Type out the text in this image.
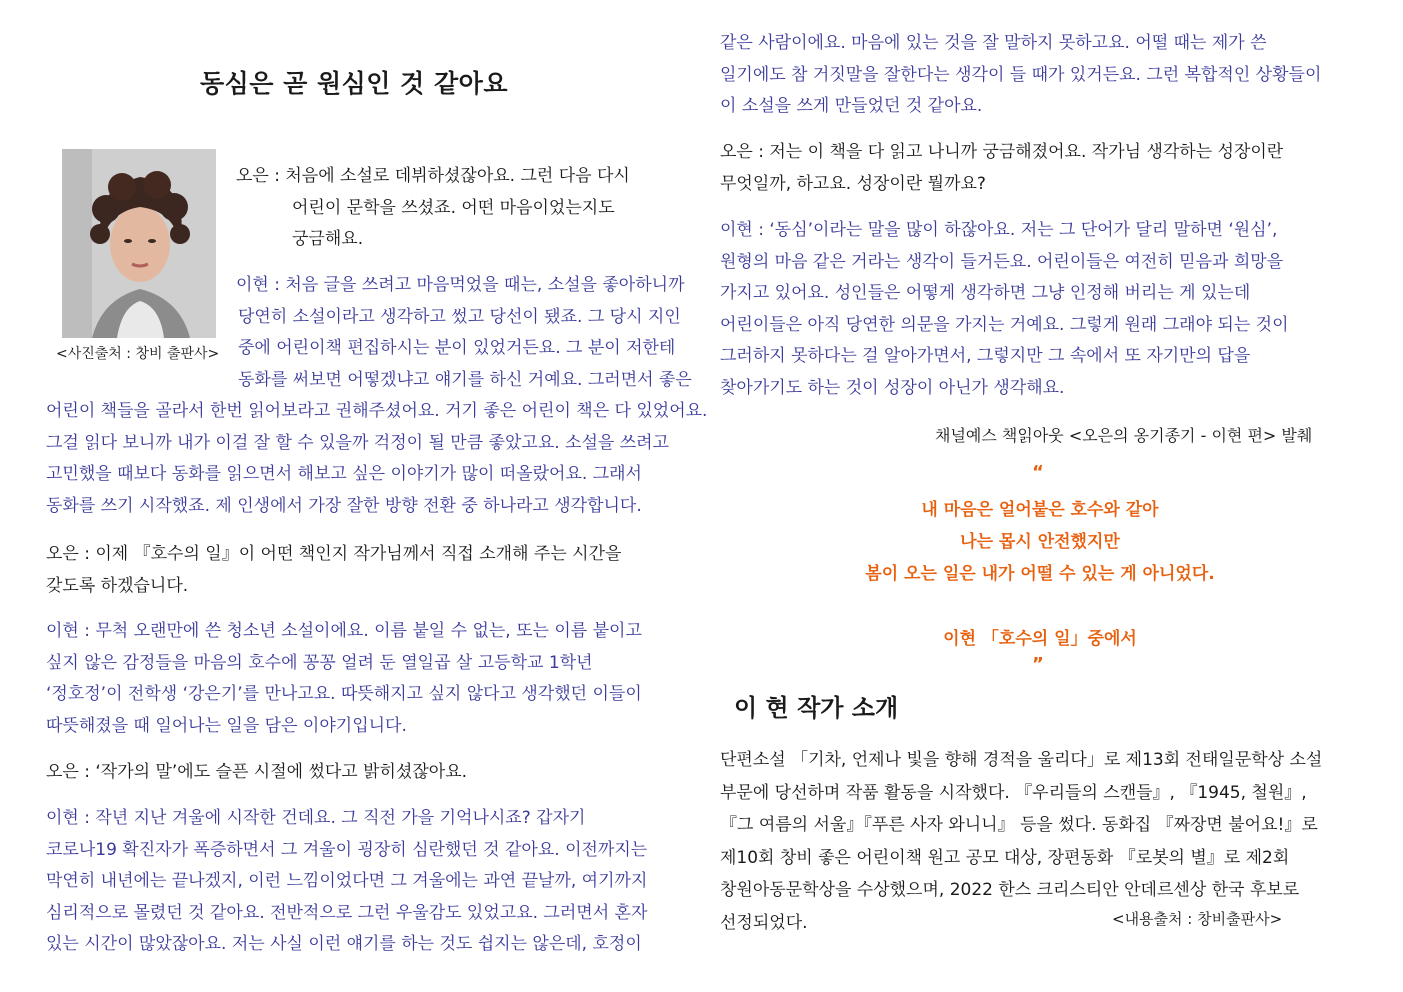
동심은 곧 원심인 것 같아요
<사진출처 : 창비 출판사>
오은 : 처음에 소설로 데뷔하셨잖아요. 그런 다음 다시
어린이 문학을 쓰셨죠. 어떤 마음이었는지도
궁금해요.
이현 : 처음 글을 쓰려고 마음먹었을 때는, 소설을 좋아하니까
당연히 소설이라고 생각하고 썼고 당선이 됐죠. 그 당시 지인
중에 어린이책 편집하시는 분이 있었거든요. 그 분이 저한테
동화를 써보면 어떻겠냐고 얘기를 하신 거예요. 그러면서 좋은
어린이 책들을 골라서 한번 읽어보라고 권해주셨어요. 거기 좋은 어린이 책은 다 있었어요.
그걸 읽다 보니까 내가 이걸 잘 할 수 있을까 걱정이 될 만큼 좋았고요. 소설을 쓰려고
고민했을 때보다 동화를 읽으면서 해보고 싶은 이야기가 많이 떠올랐어요. 그래서
동화를 쓰기 시작했죠. 제 인생에서 가장 잘한 방향 전환 중 하나라고 생각합니다.
오은 : 이제 『호수의 일』이 어떤 책인지 작가님께서 직접 소개해 주는 시간을
갖도록 하겠습니다.
이현 : 무척 오랜만에 쓴 청소년 소설이에요. 이름 붙일 수 없는, 또는 이름 붙이고
싶지 않은 감정들을 마음의 호수에 꽁꽁 얼려 둔 열일곱 살 고등학교 1학년
‘정호정’이 전학생 ‘강은기’를 만나고요. 따뜻해지고 싶지 않다고 생각했던 이들이
따뜻해졌을 때 일어나는 일을 담은 이야기입니다.
오은 : ‘작가의 말’에도 슬픈 시절에 썼다고 밝히셨잖아요.
이현 : 작년 지난 겨울에 시작한 건데요. 그 직전 가을 기억나시죠? 갑자기
코로나19 확진자가 폭증하면서 그 겨울이 굉장히 심란했던 것 같아요. 이전까지는
막연히 내년에는 끝나겠지, 이런 느낌이었다면 그 겨울에는 과연 끝날까, 여기까지
심리적으로 몰렸던 것 같아요. 전반적으로 그런 우울감도 있었고요. 그러면서 혼자
있는 시간이 많았잖아요. 저는 사실 이런 얘기를 하는 것도 쉽지는 않은데, 호정이
같은 사람이에요. 마음에 있는 것을 잘 말하지 못하고요. 어떨 때는 제가 쓴
일기에도 참 거짓말을 잘한다는 생각이 들 때가 있거든요. 그런 복합적인 상황들이
이 소설을 쓰게 만들었던 것 같아요.
오은 : 저는 이 책을 다 읽고 나니까 궁금해졌어요. 작가님 생각하는 성장이란
무엇일까, 하고요. 성장이란 뭘까요?
이현 : ‘동심’이라는 말을 많이 하잖아요. 저는 그 단어가 달리 말하면 ‘원심’,
원형의 마음 같은 거라는 생각이 들거든요. 어린이들은 여전히 믿음과 희망을
가지고 있어요. 성인들은 어떻게 생각하면 그냥 인정해 버리는 게 있는데
어린이들은 아직 당연한 의문을 가지는 거예요. 그렇게 원래 그래야 되는 것이
그러하지 못하다는 걸 알아가면서, 그렇지만 그 속에서 또 자기만의 답을
찾아가기도 하는 것이 성장이 아닌가 생각해요.
채널예스 책읽아웃 <오은의 옹기종기 - 이현 편> 발췌
“
내 마음은 얼어붙은 호수와 같아
나는 몹시 안전했지만
봄이 오는 일은 내가 어떨 수 있는 게 아니었다.
이현 「호수의 일」중에서
”
이 현 작가 소개
단편소설 「기차, 언제나 빛을 향해 경적을 울리다」로 제13회 전태일문학상 소설
부문에 당선하며 작품 활동을 시작했다. 『우리들의 스캔들』, 『1945, 철원』,
『그 여름의 서울』『푸른 사자 와니니』 등을 썼다. 동화집 『짜장면 불어요!』로
제10회 창비 좋은 어린이책 원고 공모 대상, 장편동화 『로봇의 별』로 제2회
창원아동문학상을 수상했으며, 2022 한스 크리스티안 안데르센상 한국 후보로
선정되었다.	<내용출처 : 창비출판사>
